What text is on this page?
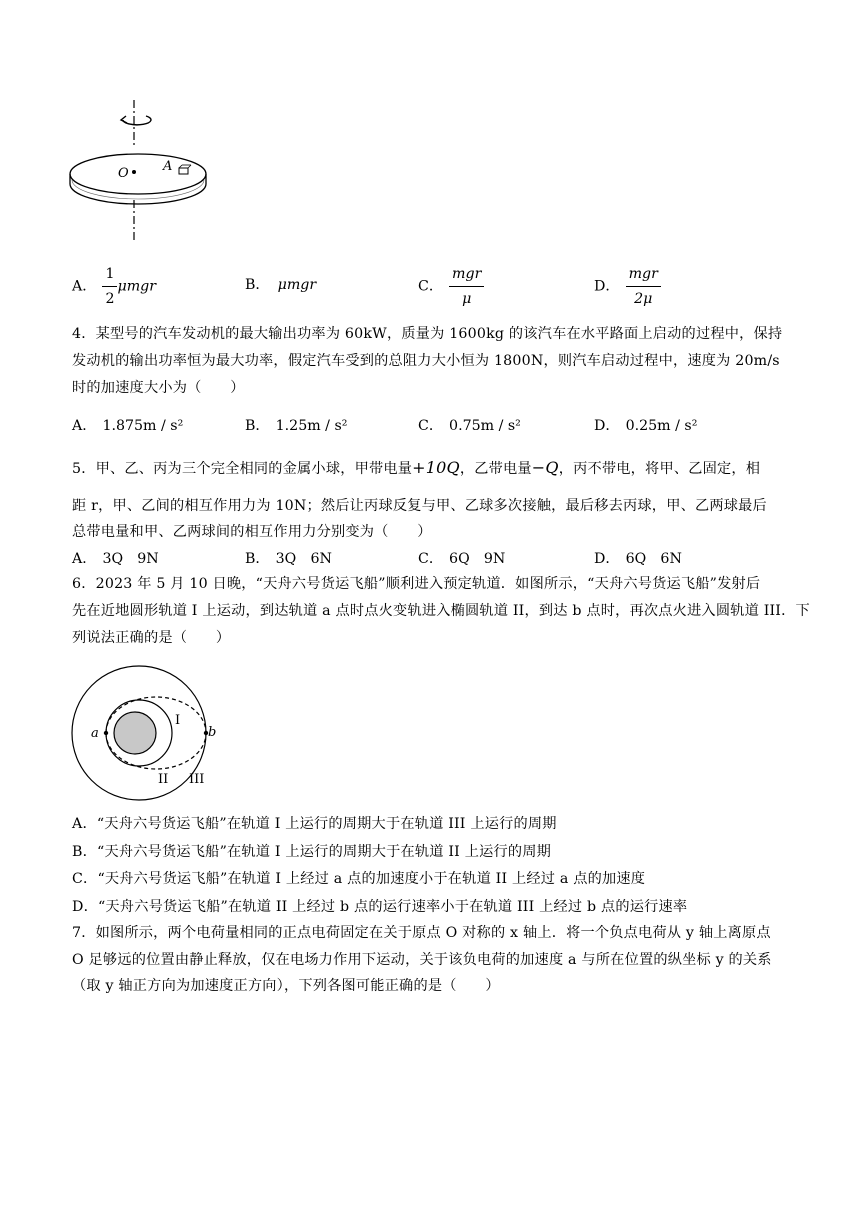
O	A
A． $\frac{1}{2}$ μmgr	B． μmgr	C． $\frac{\text{mgr}}{\mu}$	D． $\frac{\text{mgr}}{2\mu}$
4．某型号的汽车发动机的最大输出功率为 60kW，质量为 1600kg 的该汽车在水平路面上启动的过程中，保持
发动机的输出功率恒为最大功率，假定汽车受到的总阻力大小恒为 1800N，则汽车启动过程中，速度为 20m/s
时的加速度大小为（　　）
A． 1.875m / s²	B． 1.25m / s²	C． 0.75m / s²	D． 0.25m / s²
5．甲、乙、丙为三个完全相同的金属小球，甲带电量+10Q，乙带电量−Q，丙不带电，将甲、乙固定，相
距 r，甲、乙间的相互作用力为 10N；然后让丙球反复与甲、乙球多次接触，最后移去丙球，甲、乙两球最后
总带电量和甲、乙两球间的相互作用力分别变为（　　）
A． 3Q　9N	B． 3Q　6N	C． 6Q　9N	D． 6Q　6N
6．2023 年 5 月 10 日晚，“天舟六号货运飞船”顺利进入预定轨道．如图所示，“天舟六号货运飞船”发射后
先在近地圆形轨道 I 上运动，到达轨道 a 点时点火变轨进入椭圆轨道 II，到达 b 点时，再次点火进入圆轨道 III．下
列说法正确的是（　　）
a	b
I
II III
A．“天舟六号货运飞船”在轨道 I 上运行的周期大于在轨道 III 上运行的周期
B．“天舟六号货运飞船”在轨道 I 上运行的周期大于在轨道 II 上运行的周期
C．“天舟六号货运飞船”在轨道 I 上经过 a 点的加速度小于在轨道 II 上经过 a 点的加速度
D．“天舟六号货运飞船”在轨道 II 上经过 b 点的运行速率小于在轨道 III 上经过 b 点的运行速率
7．如图所示，两个电荷量相同的正点电荷固定在关于原点 O 对称的 x 轴上．将一个负点电荷从 y 轴上离原点
O 足够远的位置由静止释放，仅在电场力作用下运动，关于该负电荷的加速度 a 与所在位置的纵坐标 y 的关系
（取 y 轴正方向为加速度正方向），下列各图可能正确的是（　　）
